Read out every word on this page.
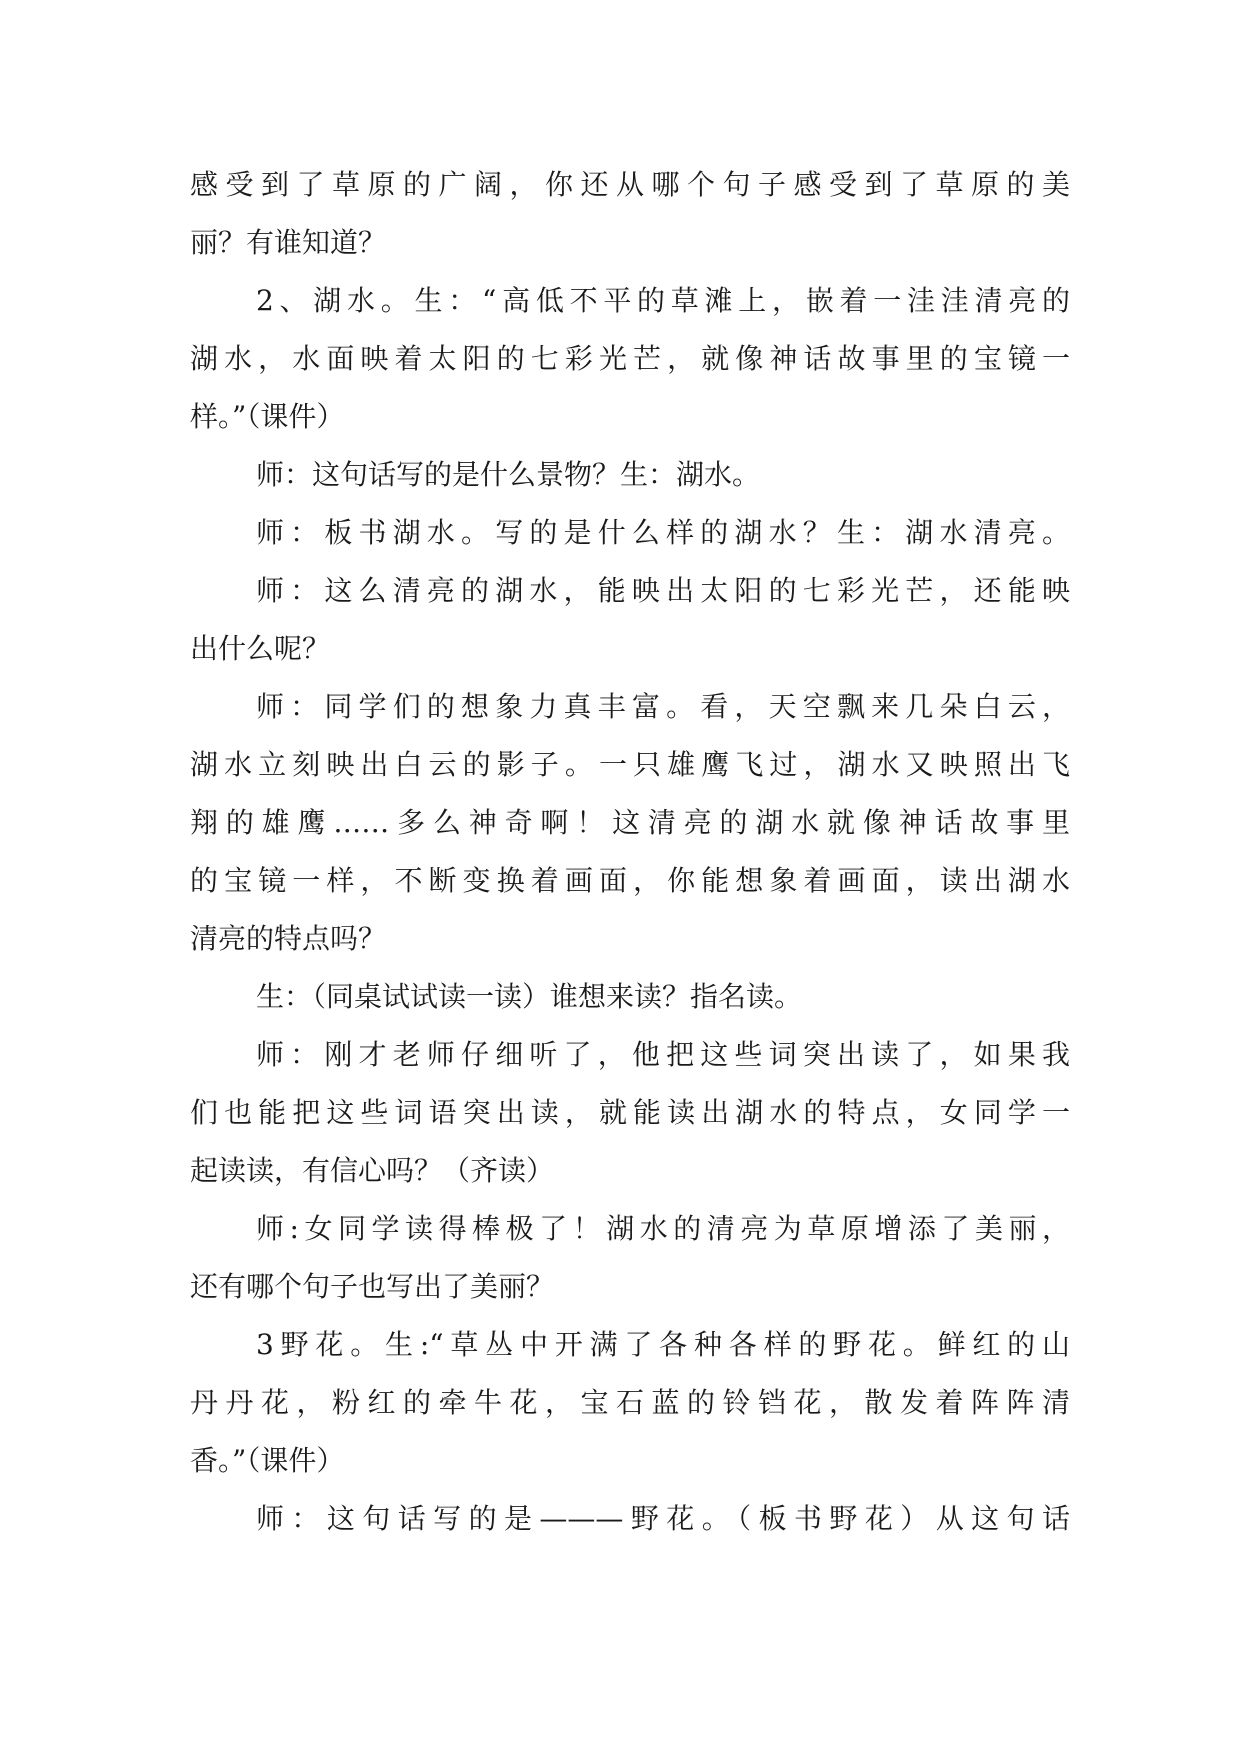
感受到了草原的广阔，你还从哪个句子感受到了草原的美
丽？有谁知道？
2、湖水。生：“高低不平的草滩上，嵌着一洼洼清亮的
湖水，水面映着太阳的七彩光芒，就像神话故事里的宝镜一
样。”（课件）
师：这句话写的是什么景物？生：湖水。
师：板书湖水。写的是什么样的湖水？生：湖水清亮。
师：这么清亮的湖水，能映出太阳的七彩光芒，还能映
出什么呢？
师：同学们的想象力真丰富。看，天空飘来几朵白云，
湖水立刻映出白云的影子。一只雄鹰飞过，湖水又映照出飞
翔的雄鹰……多么神奇啊！这清亮的湖水就像神话故事里
的宝镜一样，不断变换着画面，你能想象着画面，读出湖水
清亮的特点吗？
生：（同桌试试读一读）谁想来读？指名读。
师：刚才老师仔细听了，他把这些词突出读了，如果我
们也能把这些词语突出读，就能读出湖水的特点，女同学一
起读读，有信心吗？（齐读）
师:女同学读得棒极了！湖水的清亮为草原增添了美丽，
还有哪个句子也写出了美丽？
3野花。生:“草丛中开满了各种各样的野花。鲜红的山
丹丹花，粉红的牵牛花，宝石蓝的铃铛花，散发着阵阵清
香。”（课件）
师：这句话写的是———野花。（板书野花）从这句话
